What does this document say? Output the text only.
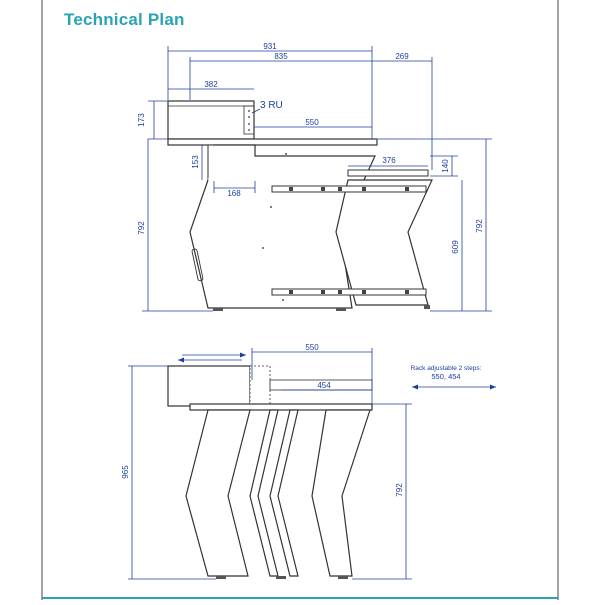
Technical Plan
931
835	269
382
3 RU
550
173
153
168
376	140
792
609
792
550
454
965
792
Rack adjustable 2 steps:
550, 454
